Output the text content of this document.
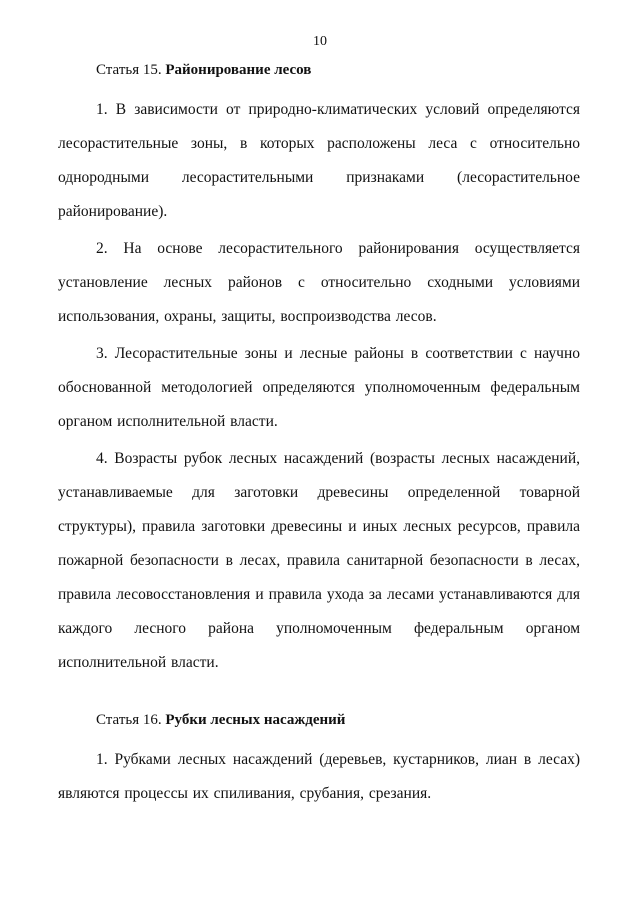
10
Статья 15. Районирование лесов

1. В зависимости от природно-климатических условий определяются лесорастительные зоны, в которых расположены леса с относительно однородными лесорастительными признаками (лесорастительное районирование).

2. На основе лесорастительного районирования осуществляется установление лесных районов с относительно сходными условиями использования, охраны, защиты, воспроизводства лесов.

3. Лесорастительные зоны и лесные районы в соответствии с научно обоснованной методологией определяются уполномоченным федеральным органом исполнительной власти.

4. Возрасты рубок лесных насаждений (возрасты лесных насаждений, устанавливаемые для заготовки древесины определенной товарной структуры), правила заготовки древесины и иных лесных ресурсов, правила пожарной безопасности в лесах, правила санитарной безопасности в лесах, правила лесовосстановления и правила ухода за лесами устанавливаются для каждого лесного района уполномоченным федеральным органом исполнительной власти.

Статья 16. Рубки лесных насаждений

1. Рубками лесных насаждений (деревьев, кустарников, лиан в лесах) являются процессы их спиливания, срубания, срезания.
